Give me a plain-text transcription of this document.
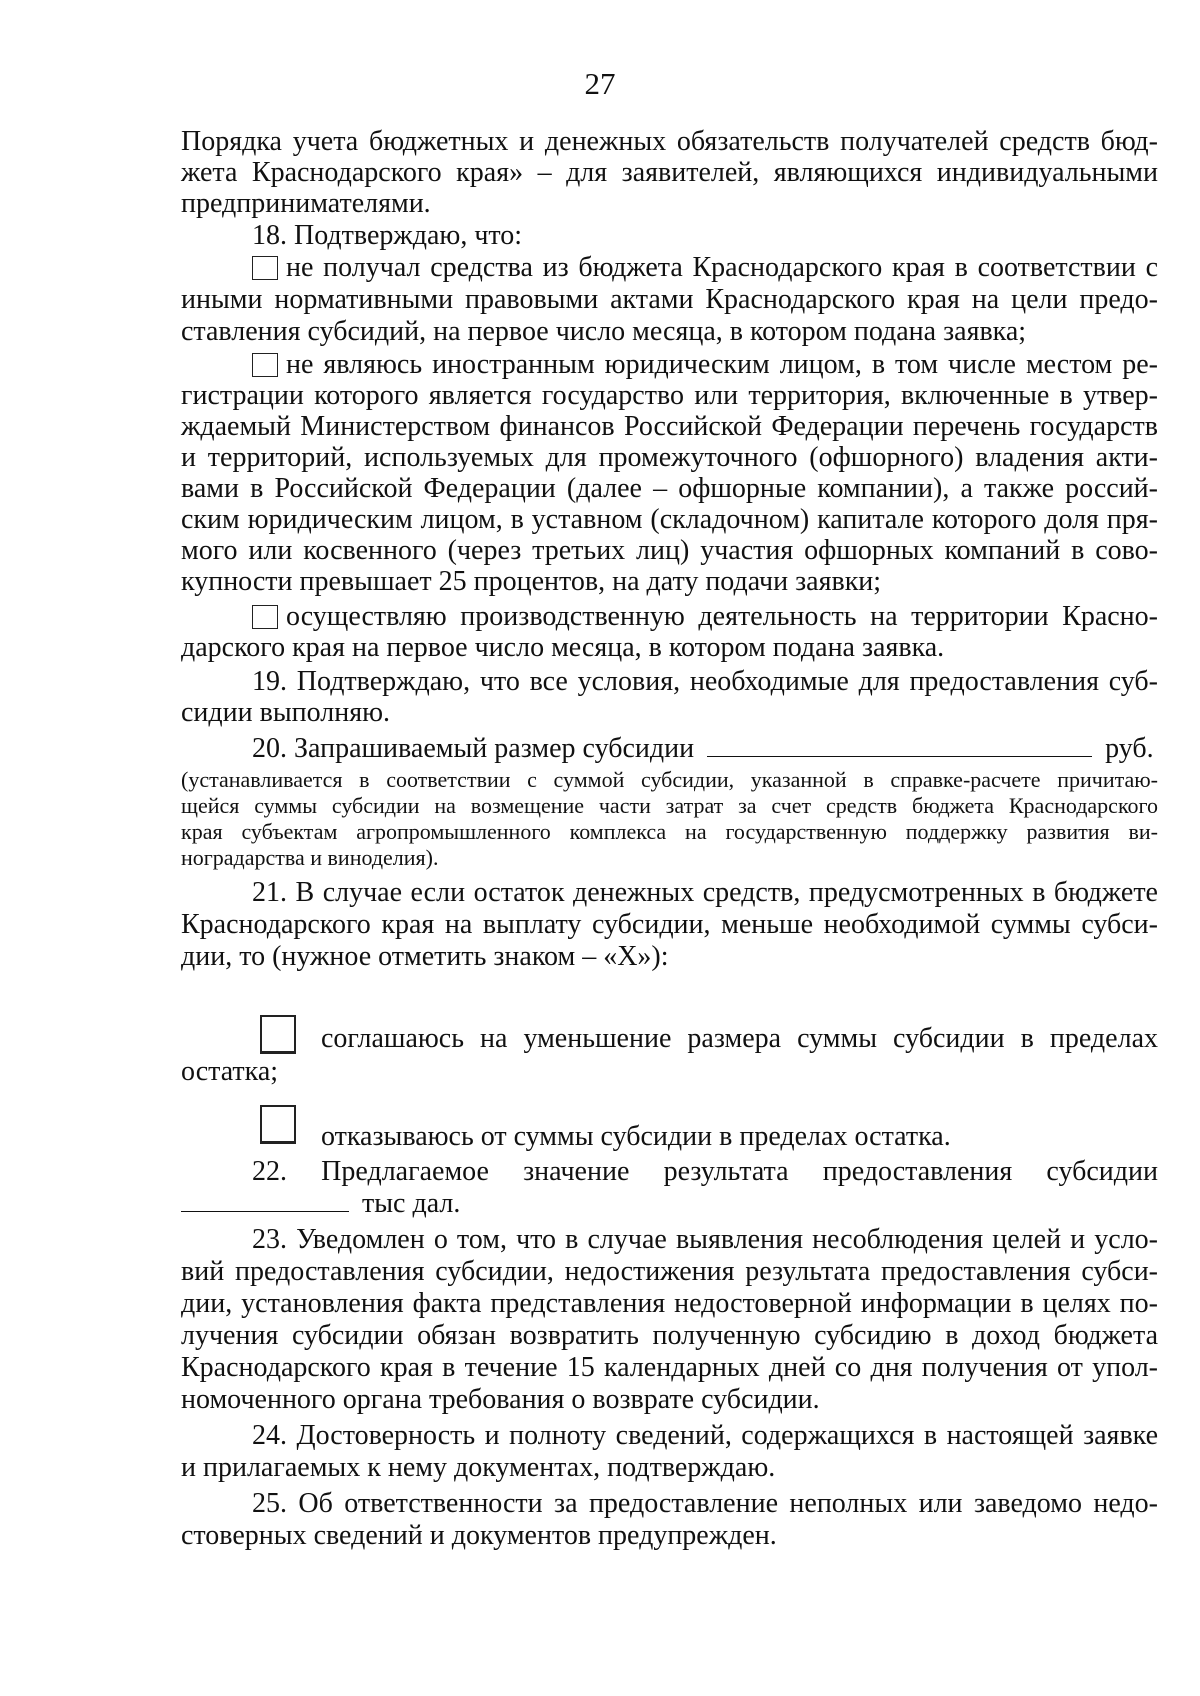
27
Порядка учета бюджетных и денежных обязательств получателей средств бюд-
жета Краснодарского края» – для заявителей, являющихся индивидуальными
предпринимателями.
18. Подтверждаю, что:
не получал средства из бюджета Краснодарского края в соответствии с
иными нормативными правовыми актами Краснодарского края на цели предо-
ставления субсидий, на первое число месяца, в котором подана заявка;
не являюсь иностранным юридическим лицом, в том числе местом ре-
гистрации которого является государство или территория, включенные в утвер-
ждаемый Министерством финансов Российской Федерации перечень государств
и территорий, используемых для промежуточного (офшорного) владения акти-
вами в Российской Федерации (далее – офшорные компании), а также россий-
ским юридическим лицом, в уставном (складочном) капитале которого доля пря-
мого или косвенного (через третьих лиц) участия офшорных компаний в сово-
купности превышает 25 процентов, на дату подачи заявки;
осуществляю производственную деятельность на территории Красно-
дарского края на первое число месяца, в котором подана заявка.
19. Подтверждаю, что все условия, необходимые для предоставления суб-
сидии выполняю.
20. Запрашиваемый размер субсидии	руб.
(устанавливается в соответствии с суммой субсидии, указанной в справке-расчете причитаю-
щейся суммы субсидии на возмещение части затрат за счет средств бюджета Краснодарского
края субъектам агропромышленного комплекса на государственную поддержку развития ви-
ноградарства и виноделия).
21. В случае если остаток денежных средств, предусмотренных в бюджете
Краснодарского края на выплату субсидии, меньше необходимой суммы субси-
дии, то (нужное отметить знаком – «X»):
соглашаюсь на уменьшение размера суммы субсидии в пределах
остатка;
отказываюсь от суммы субсидии в пределах остатка.
22. Предлагаемое значение результата предоставления субсидии
тыс дал.
23. Уведомлен о том, что в случае выявления несоблюдения целей и усло-
вий предоставления субсидии, недостижения результата предоставления субси-
дии, установления факта представления недостоверной информации в целях по-
лучения субсидии обязан возвратить полученную субсидию в доход бюджета
Краснодарского края в течение 15 календарных дней со дня получения от упол-
номоченного органа требования о возврате субсидии.
24. Достоверность и полноту сведений, содержащихся в настоящей заявке
и прилагаемых к нему документах, подтверждаю.
25. Об ответственности за предоставление неполных или заведомо недо-
стоверных сведений и документов предупрежден.
